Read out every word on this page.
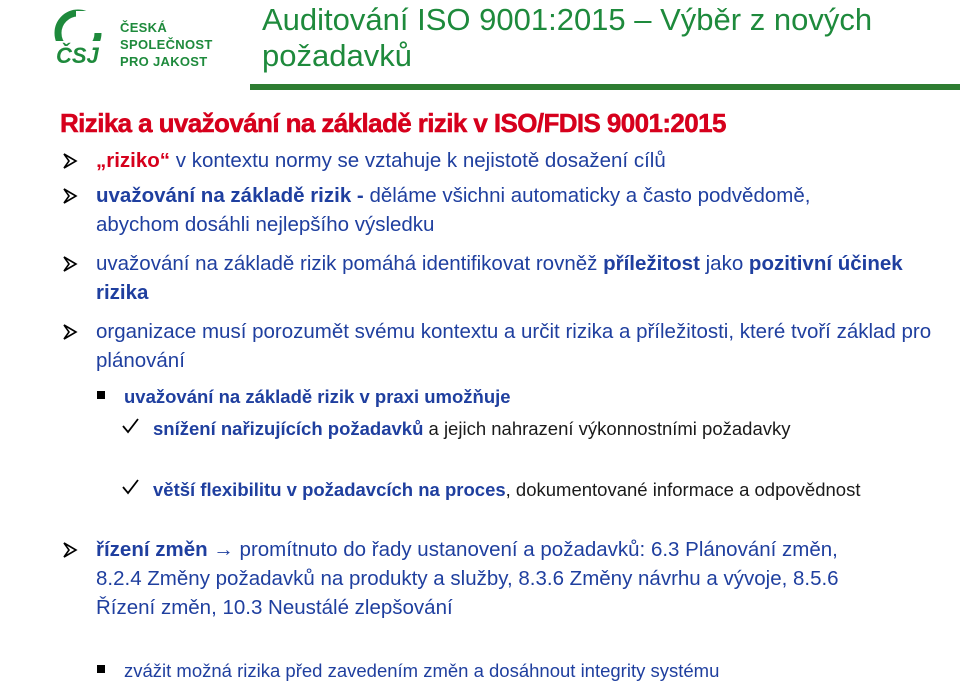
ČSJ
ČESKÁ
SPOLEČNOST
PRO JAKOST
Auditování ISO 9001:2015 – Výběr z nových požadavků
Rizika a uvažování na základě rizik v ISO/FDIS 9001:2015
„riziko“ v kontextu normy se vztahuje k nejistotě dosažení cílů
uvažování na základě rizik - děláme všichni automaticky a často podvědomě, abychom dosáhli nejlepšího výsledku
uvažování na základě rizik pomáhá identifikovat rovněž příležitost jako pozitivní účinek rizika
organizace musí porozumět svému kontextu a určit rizika a příležitosti, které tvoří základ pro plánování
uvažování na základě rizik v praxi umožňuje
snížení nařizujících požadavků a jejich nahrazení výkonnostními požadavky
větší flexibilitu v požadavcích na proces, dokumentované informace a odpovědnost
řízení změn → promítnuto do řady ustanovení a požadavků: 6.3 Plánování změn, 8.2.4 Změny požadavků na produkty a služby, 8.3.6 Změny návrhu a vývoje, 8.5.6 Řízení změn, 10.3 Neustálé zlepšování
zvážit možná rizika před zavedením změn a dosáhnout integrity systému
